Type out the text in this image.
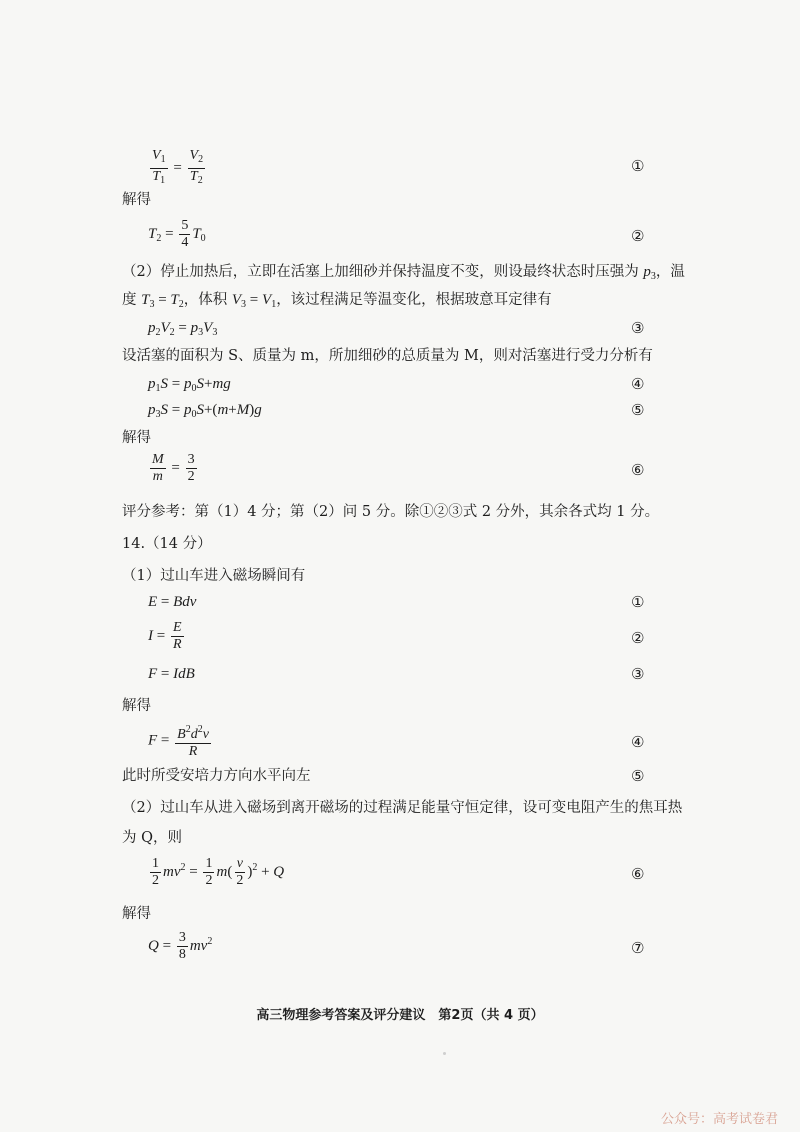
$\frac{V_1}{T_1} = \frac{V_2}{T_2}$	①
解得
$T_2 = \frac{5}{4} T_0$	②
（2）停止加热后，立即在活塞上加细砂并保持温度不变，则设最终状态时压强为 $p_3$，温
度 $T_3 = T_2$，体积 $V_3 = V_1$，该过程满足等温变化，根据玻意耳定律有
$p_2V_2 = p_3V_3$	③
设活塞的面积为 S、质量为 m，所加细砂的总质量为 M，则对活塞进行受力分析有
$p_1S = p_0S+mg$	④
$p_3S = p_0S+(m+M)g$	⑤
解得
$\frac{M}{m} = \frac{3}{2}$	⑥
评分参考：第（1）4 分；第（2）问 5 分。除①②③式 2 分外，其余各式均 1 分。
14.（14 分）
（1）过山车进入磁场瞬间有
E = Bdv	①
$I = \frac{E}{R}$	②
F = IdB	③
解得
$F = \frac{B^2d^2v}{R}$	④
此时所受安培力方向水平向左	⑤
（2）过山车从进入磁场到离开磁场的过程满足能量守恒定律，设可变电阻产生的焦耳热
为 Q，则
$\frac{1}{2} mv^2 = \frac{1}{2} m( \frac{v}{2} )^2 + Q$	⑥
解得
$Q = \frac{3}{8} mv^2$	⑦
高三物理参考答案及评分建议　第2页（共 4 页）
公众号：高考试卷君
